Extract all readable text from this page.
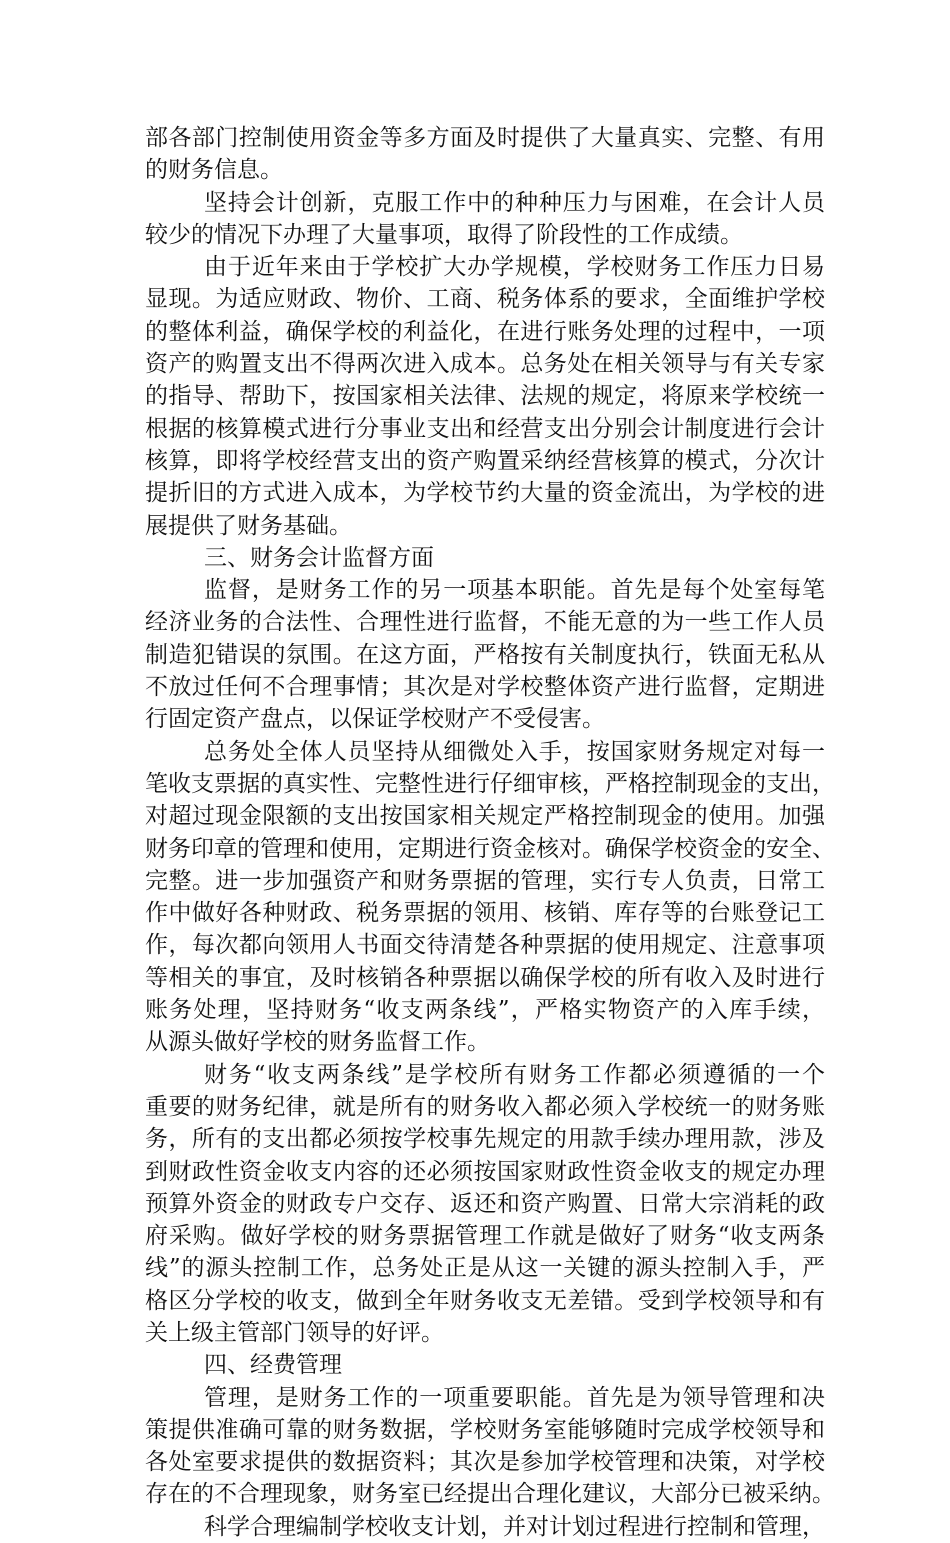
部各部门控制使用资金等多方面及时提供了大量真实、完整、有用
的财务信息。
坚持会计创新，克服工作中的种种压力与困难，在会计人员
较少的情况下办理了大量事项，取得了阶段性的工作成绩。
由于近年来由于学校扩大办学规模，学校财务工作压力日易
显现。为适应财政、物价、工商、税务体系的要求，全面维护学校
的整体利益，确保学校的利益化，在进行账务处理的过程中，一项
资产的购置支出不得两次进入成本。总务处在相关领导与有关专家
的指导、帮助下，按国家相关法律、法规的规定，将原来学校统一
根据的核算模式进行分事业支出和经营支出分别会计制度进行会计
核算，即将学校经营支出的资产购置采纳经营核算的模式，分次计
提折旧的方式进入成本，为学校节约大量的资金流出，为学校的进
展提供了财务基础。
三、财务会计监督方面
监督，是财务工作的另一项基本职能。首先是每个处室每笔
经济业务的合法性、合理性进行监督，不能无意的为一些工作人员
制造犯错误的氛围。在这方面，严格按有关制度执行，铁面无私从
不放过任何不合理事情；其次是对学校整体资产进行监督，定期进
行固定资产盘点，以保证学校财产不受侵害。
总务处全体人员坚持从细微处入手，按国家财务规定对每一
笔收支票据的真实性、完整性进行仔细审核，严格控制现金的支出，
对超过现金限额的支出按国家相关规定严格控制现金的使用。加强
财务印章的管理和使用，定期进行资金核对。确保学校资金的安全、
完整。进一步加强资产和财务票据的管理，实行专人负责，日常工
作中做好各种财政、税务票据的领用、核销、库存等的台账登记工
作，每次都向领用人书面交待清楚各种票据的使用规定、注意事项
等相关的事宜，及时核销各种票据以确保学校的所有收入及时进行
账务处理，坚持财务“收支两条线”，严格实物资产的入库手续，
从源头做好学校的财务监督工作。
财务“收支两条线”是学校所有财务工作都必须遵循的一个
重要的财务纪律，就是所有的财务收入都必须入学校统一的财务账
务，所有的支出都必须按学校事先规定的用款手续办理用款，涉及
到财政性资金收支内容的还必须按国家财政性资金收支的规定办理
预算外资金的财政专户交存、返还和资产购置、日常大宗消耗的政
府采购。做好学校的财务票据管理工作就是做好了财务“收支两条
线”的源头控制工作，总务处正是从这一关键的源头控制入手，严
格区分学校的收支，做到全年财务收支无差错。受到学校领导和有
关上级主管部门领导的好评。
四、经费管理
管理，是财务工作的一项重要职能。首先是为领导管理和决
策提供准确可靠的财务数据，学校财务室能够随时完成学校领导和
各处室要求提供的数据资料；其次是参加学校管理和决策，对学校
存在的不合理现象，财务室已经提出合理化建议，大部分已被采纳。
科学合理编制学校收支计划，并对计划过程进行控制和管理，
